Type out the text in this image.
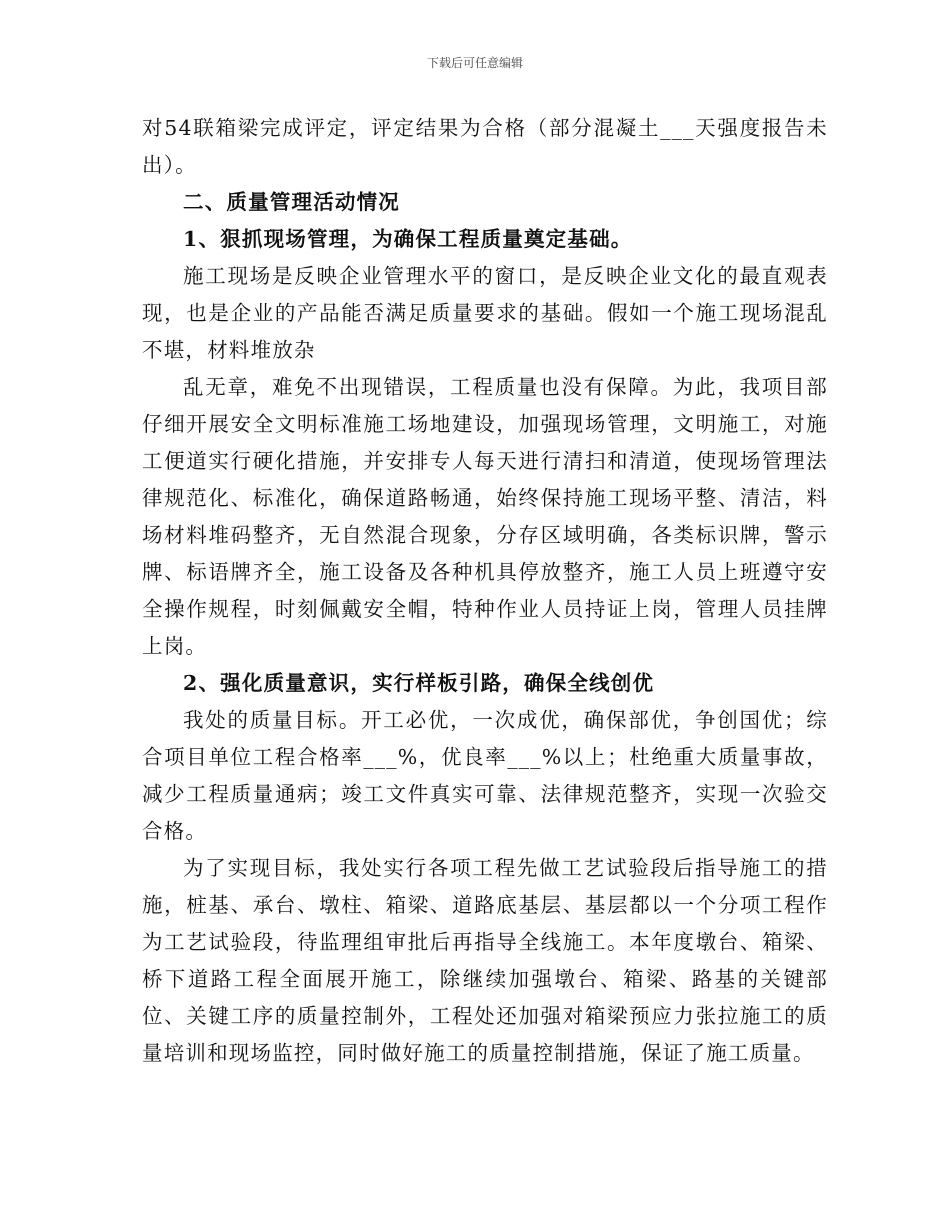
下载后可任意编辑

对54联箱梁完成评定，评定结果为合格（部分混凝土___天强度报告未出）。

二、质量管理活动情况

1、狠抓现场管理，为确保工程质量奠定基础。

施工现场是反映企业管理水平的窗口，是反映企业文化的最直观表现，也是企业的产品能否满足质量要求的基础。假如一个施工现场混乱不堪，材料堆放杂

乱无章，难免不出现错误，工程质量也没有保障。为此，我项目部仔细开展安全文明标准施工场地建设，加强现场管理，文明施工，对施工便道实行硬化措施，并安排专人每天进行清扫和清道，使现场管理法律规范化、标准化，确保道路畅通，始终保持施工现场平整、清洁，料场材料堆码整齐，无自然混合现象，分存区域明确，各类标识牌，警示牌、标语牌齐全，施工设备及各种机具停放整齐，施工人员上班遵守安全操作规程，时刻佩戴安全帽，特种作业人员持证上岗，管理人员挂牌上岗。

2、强化质量意识，实行样板引路，确保全线创优

我处的质量目标。开工必优，一次成优，确保部优，争创国优；综合项目单位工程合格率___%，优良率___%以上；杜绝重大质量事故，减少工程质量通病；竣工文件真实可靠、法律规范整齐，实现一次验交合格。

为了实现目标，我处实行各项工程先做工艺试验段后指导施工的措施，桩基、承台、墩柱、箱梁、道路底基层、基层都以一个分项工程作为工艺试验段，待监理组审批后再指导全线施工。本年度墩台、箱梁、桥下道路工程全面展开施工，除继续加强墩台、箱梁、路基的关键部位、关键工序的质量控制外，工程处还加强对箱梁预应力张拉施工的质量培训和现场监控，同时做好施工的质量控制措施，保证了施工质量。
